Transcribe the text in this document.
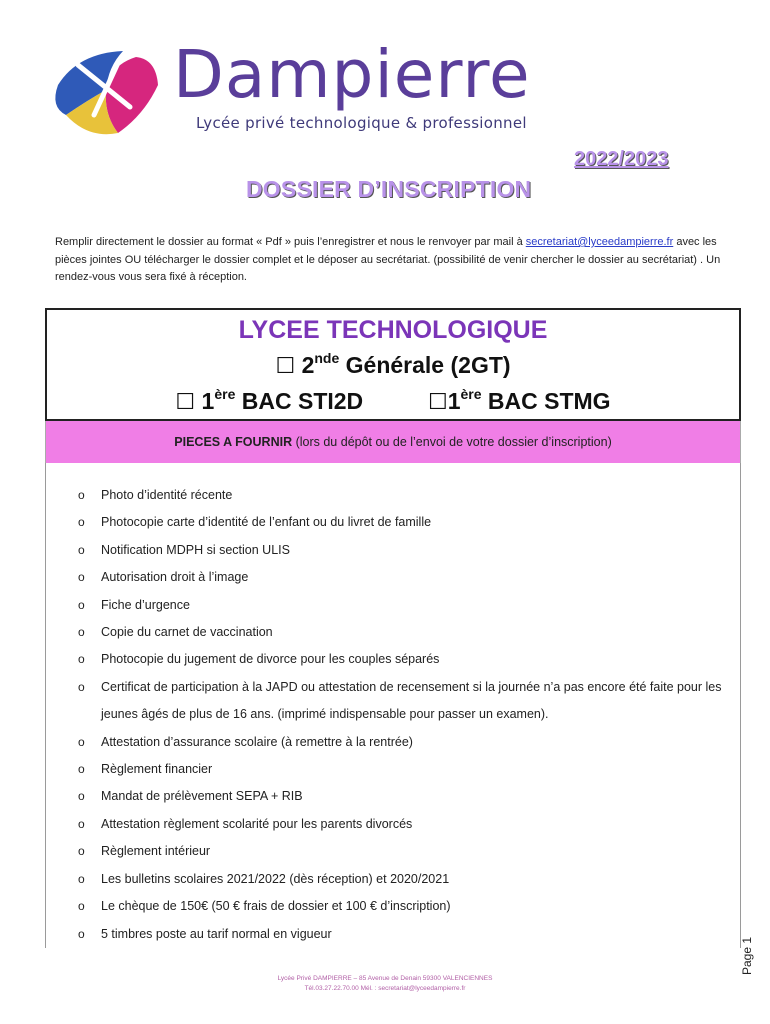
Dampierre
Lycée privé technologique & professionnel
2022/2023
DOSSIER D’INSCRIPTION
Remplir directement le dossier au format « Pdf » puis l’enregistrer et nous le renvoyer par mail à secretariat@lyceedampierre.fr avec les pièces jointes OU télécharger le dossier complet et le déposer au secrétariat. (possibilité de venir chercher le dossier au secrétariat) . Un rendez-vous vous sera fixé à réception.
LYCEE TECHNOLOGIQUE
☐ 2nde Générale (2GT)
☐ 1ère BAC STI2D	☐1ère BAC STMG
PIECES A FOURNIR (lors du dépôt ou de l’envoi de votre dossier d’inscription)
o Photo d’identité récente
o Photocopie carte d’identité de l’enfant ou du livret de famille
o Notification MDPH si section ULIS
o Autorisation droit à l’image
o Fiche d’urgence
o Copie du carnet de vaccination
o Photocopie du jugement de divorce pour les couples séparés
o Certificat de participation à la JAPD ou attestation de recensement si la journée n’a pas encore été faite pour les jeunes âgés de plus de 16 ans. (imprimé indispensable pour passer un examen).
o Attestation d’assurance scolaire (à remettre à la rentrée)
o Règlement financier
o Mandat de prélèvement SEPA + RIB
o Attestation règlement scolarité pour les parents divorcés
o Règlement intérieur
o Les bulletins scolaires 2021/2022 (dès réception) et 2020/2021
o Le chèque de 150€ (50 € frais de dossier et 100 € d’inscription)
o 5 timbres poste au tarif normal en vigueur
Page 1
Lycée Privé DAMPIERRE – 85 Avenue de Denain 59300 VALENCIENNES
Tél.03.27.22.70.00 Mél. : secretariat@lyceedampierre.fr
